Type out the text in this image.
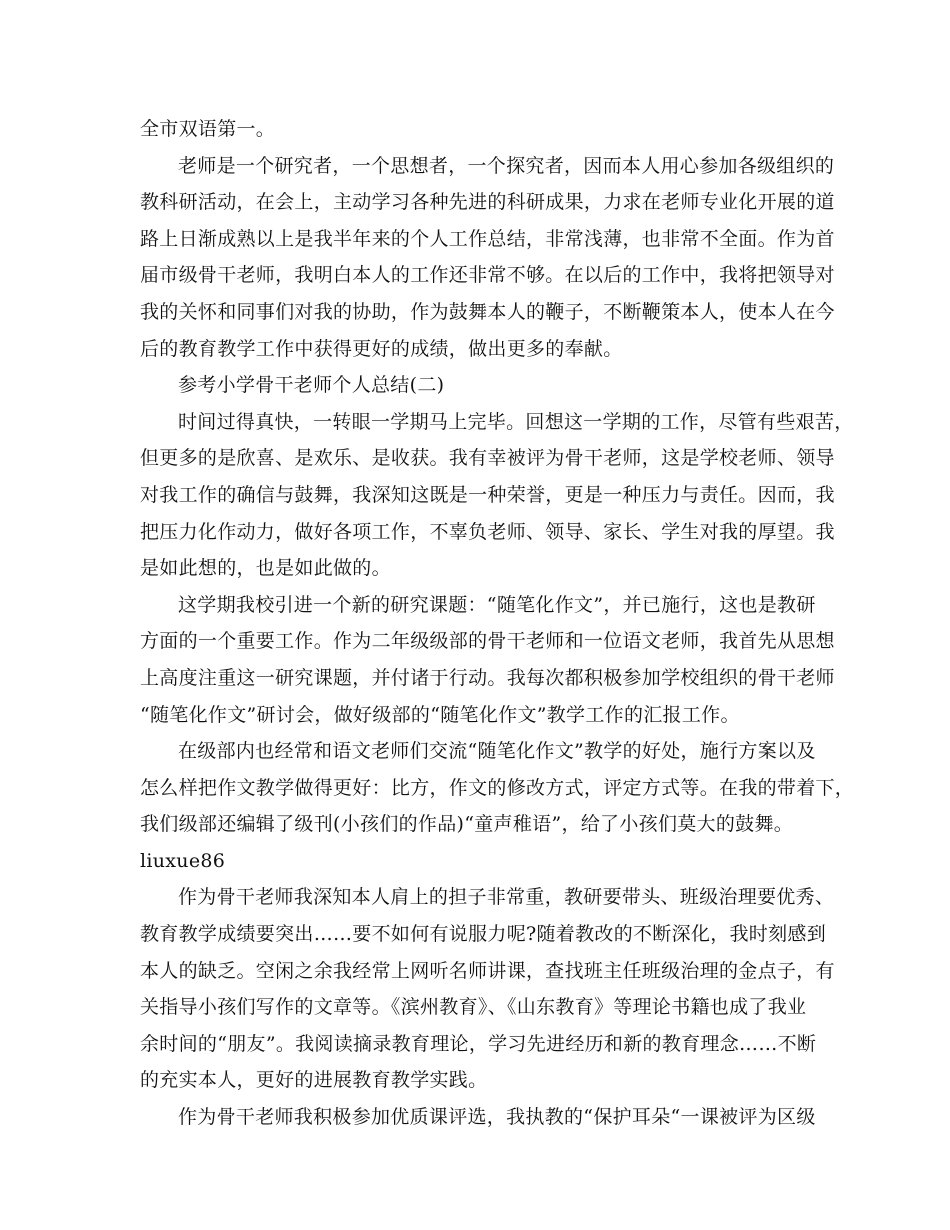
全市双语第一。
老师是一个研究者，一个思想者，一个探究者，因而本人用心参加各级组织的
教科研活动，在会上，主动学习各种先进的科研成果，力求在老师专业化开展的道
路上日渐成熟以上是我半年来的个人工作总结，非常浅薄，也非常不全面。作为首
届市级骨干老师，我明白本人的工作还非常不够。在以后的工作中，我将把领导对
我的关怀和同事们对我的协助，作为鼓舞本人的鞭子，不断鞭策本人，使本人在今
后的教育教学工作中获得更好的成绩，做出更多的奉献。
参考小学骨干老师个人总结(二)
时间过得真快，一转眼一学期马上完毕。回想这一学期的工作，尽管有些艰苦，
但更多的是欣喜、是欢乐、是收获。我有幸被评为骨干老师，这是学校老师、领导
对我工作的确信与鼓舞，我深知这既是一种荣誉，更是一种压力与责任。因而，我
把压力化作动力，做好各项工作，不辜负老师、领导、家长、学生对我的厚望。我
是如此想的，也是如此做的。
这学期我校引进一个新的研究课题：“随笔化作文”，并已施行，这也是教研
方面的一个重要工作。作为二年级级部的骨干老师和一位语文老师，我首先从思想
上高度注重这一研究课题，并付诸于行动。我每次都积极参加学校组织的骨干老师
“随笔化作文”研讨会，做好级部的“随笔化作文”教学工作的汇报工作。
在级部内也经常和语文老师们交流“随笔化作文”教学的好处，施行方案以及
怎么样把作文教学做得更好：比方，作文的修改方式，评定方式等。在我的带着下，
我们级部还编辑了级刊(小孩们的作品)“童声稚语”，给了小孩们莫大的鼓舞。
liuxue86
作为骨干老师我深知本人肩上的担子非常重，教研要带头、班级治理要优秀、
教育教学成绩要突出……要不如何有说服力呢?随着教改的不断深化，我时刻感到
本人的缺乏。空闲之余我经常上网听名师讲课，查找班主任班级治理的金点子，有
关指导小孩们写作的文章等。《滨州教育》、《山东教育》等理论书籍也成了我业
余时间的“朋友”。我阅读摘录教育理论，学习先进经历和新的教育理念……不断
的充实本人，更好的进展教育教学实践。
作为骨干老师我积极参加优质课评选，我执教的“保护耳朵“一课被评为区级
